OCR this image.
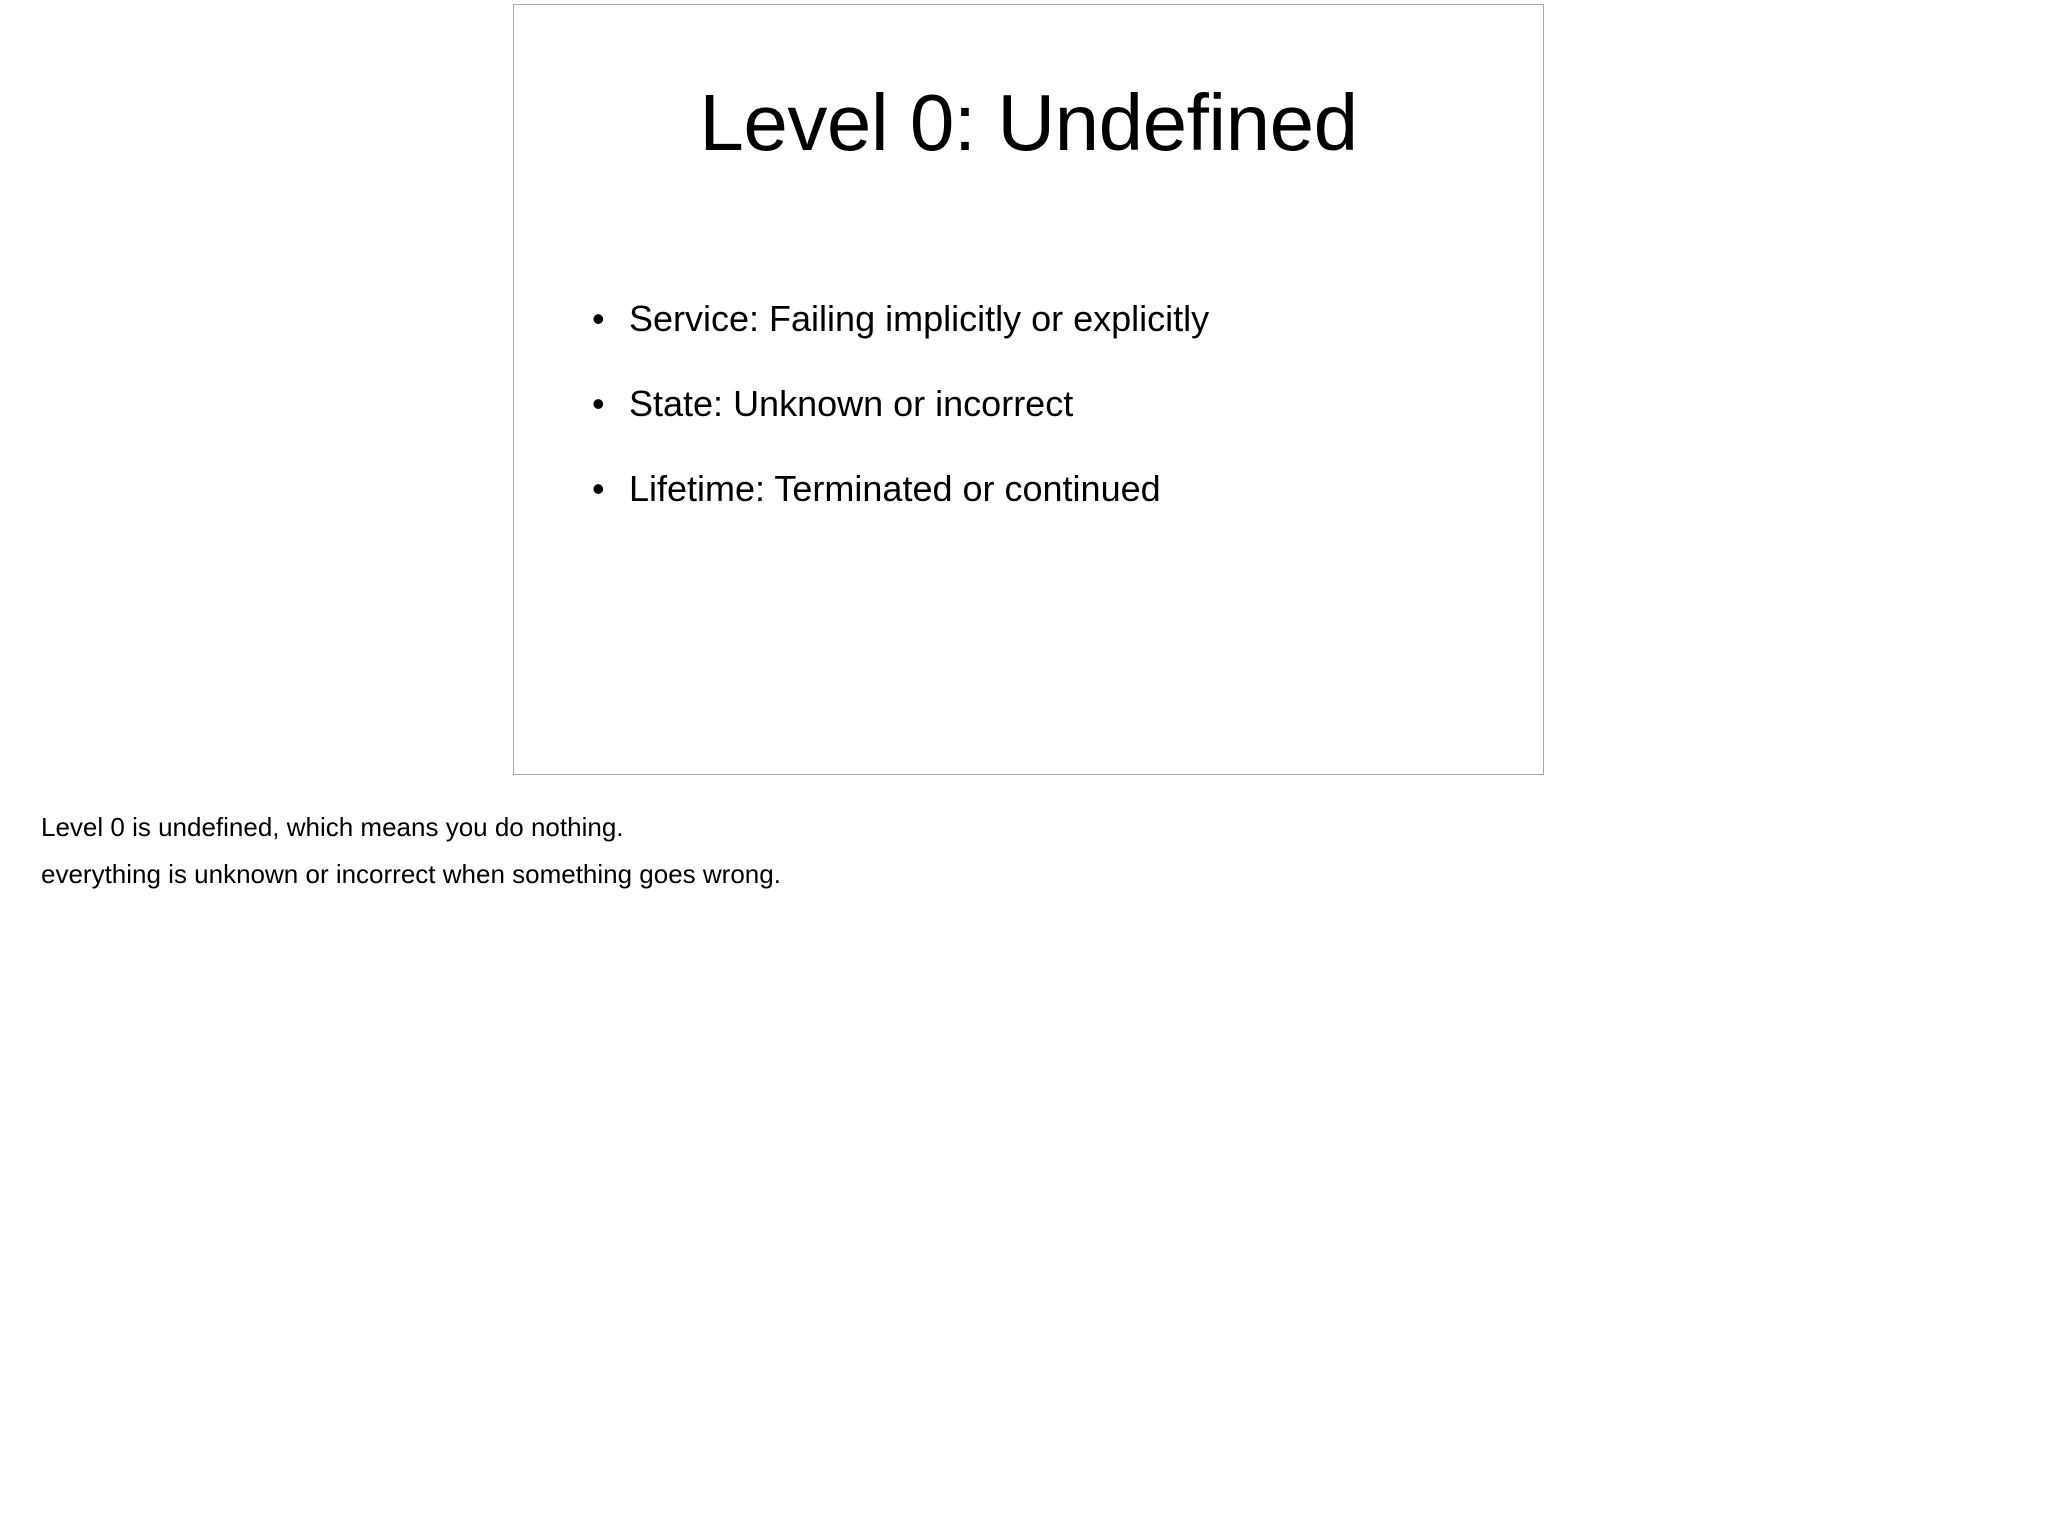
Level 0: Undefined
• Service: Failing implicitly or explicitly
• State: Unknown or incorrect
• Lifetime: Terminated or continued
Level 0 is undefined, which means you do nothing.
everything is unknown or incorrect when something goes wrong.
